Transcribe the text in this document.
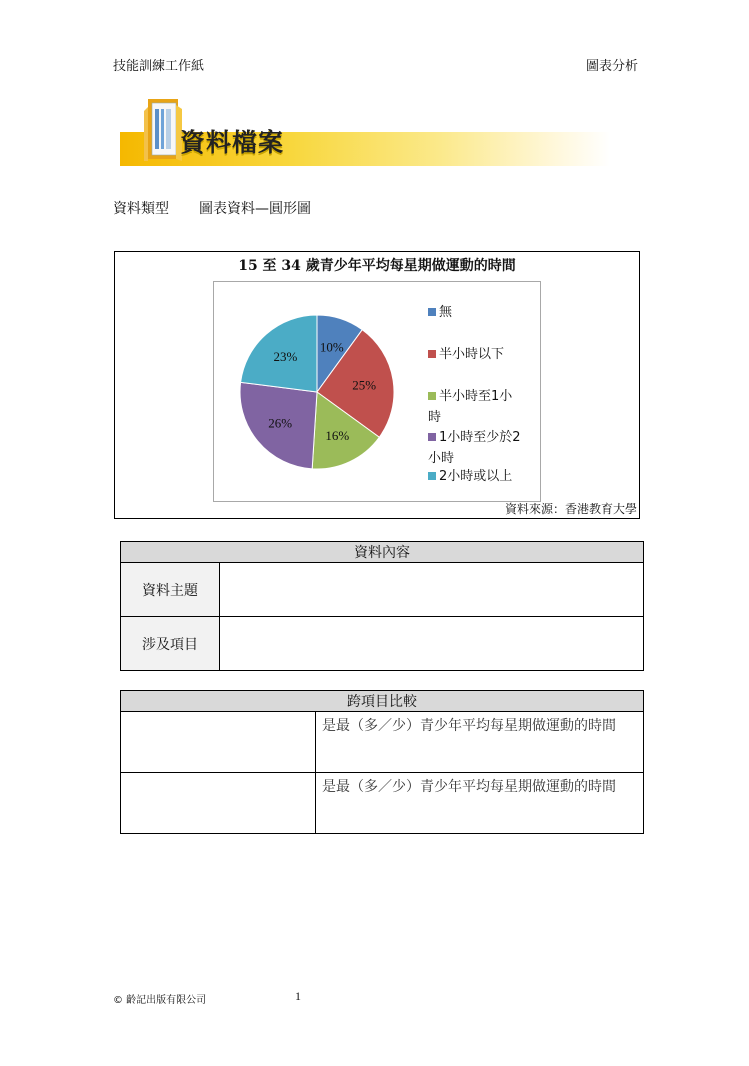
技能訓練工作紙	圖表分析
資料檔案
資料類型 圖表資料—圓形圖
15 至 34 歲青少年平均每星期做運動的時間
10%
25%
16%
26%
23%
無
半小時以下
半小時至1小
時
1小時至少於2
小時
2小時或以上
資料來源：香港教育大學
資料內容	
資料主題	
涉及項目	
跨項目比較	
	是最（多／少）青少年平均每星期做運動的時間
	是最（多／少）青少年平均每星期做運動的時間
© 齡記出版有限公司	1
